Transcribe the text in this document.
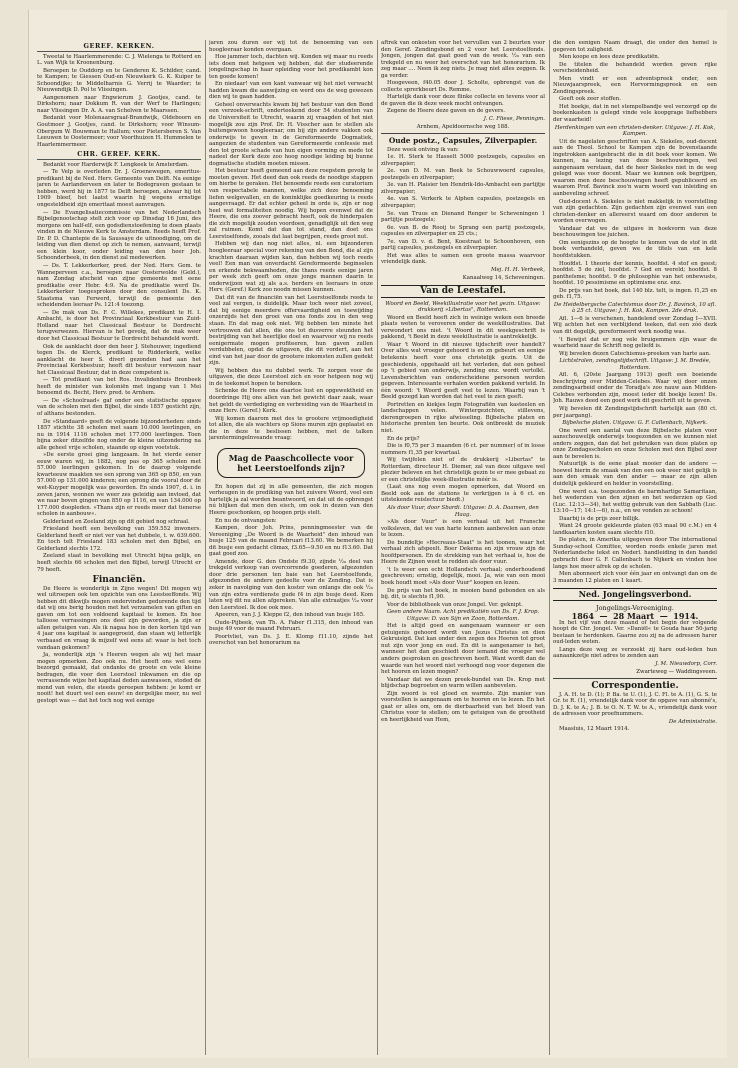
GEREF. KERKEN.

Tweetal te Haarlemmerende: C. J. Wielenga te Rotterd en L. van Wijk te Kroonenburg.

Beroepen te Ouddorp en te Genderen K. Schilder, cand. te Kampen; te Giessen Oud-en Nieuwkerk G. K. Kuiper te Schoondijke; te Middelharnis G. Verrij te Waarder; te Nieuwendijk D. Pol te Vlissingen.

Aangenomen naar Engwierum J. Gootjes, cand. te Dirkshorn; naar Dokkum R. van der Werf te Harlingen; naar Vlissingen Dr. A. A. van Schelven te Maarssen.

Bedankt voor Molenaarsgraaf-Brandwijk, Oldeboorn en Goutmoer J. Gootjes, cand. te Dirkshorn; voor Winsum-Obergum W. Bouwman te Hallum; voor Pietersberen S. Van Leeuwen te Oostermeer; voor Voorthuizen H. Hummelen te Haarlemmermeer.

CHR. GEREF. KERK.

Bedankt voor Harderwijk F. Lengkeek te Amsterdam.

— Te Velp is overleden Dr. J. Groenewegen, emeritus-predikant bij de Ned. Herv. Gemeente van Delft. Na eenige jaren te Aarlanderveen en later te Bodegraven gestaan te hebben, werd hij in 1877 te Delft beroepen, alwaar hij tot 1909 bleef, het laatst waarin hij wegens ernstige ongesteldheid zijn emeritaat moest aanvragen.

— De Evangelisatiecommissie van het Nederlandsch Bijbelgenootschap stelt zich voor op Dinsdag 16 Juni, des morgens om half-elf, een godsdienstoefening te doen plaats vinden in de Nieuwe Kerk te Amsterdam. Reeds heeft Prof. Dr. P. D. Chantepie de la Saussaye de uitnoodiging, om de leiding van dien dienst op zich te nemen, aanvaard, terwijl een klein koor, onder leiding van den heer Joh. Schoonderbeek, in den dienst zal medewerken.

— Ds. T. Lekkerkerker, pred. der Ned. Herv. Gem. te Wanneperveen c.a., beroepen naar Oosterwolde (Geld.), nam Zondag afscheid van zijne gemeente met eene predikatie over Hebr. 4:9. Na de predikatie werd Ds. Lekkerkerker toegesproken door den consulent Ds. K. Staatsma van Ferwerd, terwijl de gemeente den scheidenden leeraar Ps. 121:4 toezong.

— De mak van Ds. F. C. Willekes, predikant te H. I. Ambacht, is door het Provinciaal Kerkbestuur van Zuid-Holland naar het Classicaal Bestuur te Dordrecht terugverwezen. Hiervan is het gevolg, dat de mak weer door het Classicaal Bestuur te Dordrecht behandeld wordt.

Ook de aanklacht door den heer J. Stehouwer, ingediend tegen Ds. de Klerck, predikant te Ridderkerk, welke aanklacht de heer S. diverl gezonden had aan het Provinciaal Kerkbestuur, heeft dit bestuur verwezen naar het Classicaal Bestuur, dat in deze competent is.

— Tot predikant van het Ros. Invalidenhuis Bronbeek heeft de minister van koloniën met ingang van 1 Mei benoemd ds. Becht, Herv. pred. te Arnhem.

— De »Schoolraad« gaf onder een statistische opgave van de scholen met den Bijbel, die sinds 1857 gesticht zijn, of althans bestonden.

De »Standaard« geeft de volgende bijzonderheden: sinds 1857 stichtte 38 scholen met saam 10.000 leerlingen, en nu in 1914 1116 scholen met 177.000 leerlingen. Toen bijna zeker ditzelfde nog onder de kleine uitzondering na alle geheel vrije scholen, staande op eigen voetstuk.

»De eerste groei ging langzaam. In het vierde eener eeuw waren wij, in 1882, nog pas op 365 scholen met 57.000 leerlingen gekomen. In de daarop volgende kwarteeuw maakten we een sprong van 365 op 850, en van 57.000 op 131.000 kinderen; een sprong die vooral door de wet-Kuyper mogelijk was geworden. En sinds 1907, d. i. in zeven jaren, wonnen we weer zes geleidig aan invloed, dat we naar boven gingen van 850 op 1116, en van 134.000 op 177.000 doopleden. »Thans zijn er reeds meer dat tienerse scholen in aanbouw«.

Gelderland en Zeeland zijn op dit gebied nog schraal.

Friesland heeft een bevolking van 359.552 inwoners. Gelderland heeft er niet ver van het dubbele, t. w. 639.600. En toch telt Friesland 183 scholen met den Bijbel, en Gelderland slechts 172.

Zeeland staat in bevolking met Utrecht bijna gelijk, en heeft slechts 66 scholen met den Bijbel, terwijl Utrecht er 79 heeft.

Financiën.

De Heere is wonderlijk in Zijne wegen! Dit mogen wij wel uitroepen ook ten opzichte van ons Leesteeffonds. Wij hebben dit dikwijls mogen ondervinden gedurende den tijd dat wij ons berig houden met het verzamelen van giften en gaven om tot een voldoend kapitaal te komen. En hoe talloose verrassingen ons deel zijn geworden, ja zijn er allen getuigen van. Als ik nagaa hoe in den korten tijd van 4 jaar ons kapitaal is aangegroeid, dan staan wij letterlijk verbaasd en vraag ik mijzelf wel eens af: waar is het toch vandaan gekomen?

Ja, wonderlijk zijn 's Heeren wegen als wij het maar mogen opmerken. Zoo ook nu. Het heeft ons wel eens bezorgd gemaakt, dat ondanks de groote en vele kleine bedragen, die voor den Leerstoel inkwamen en die op verrassende wijze het kapitaal deden aanwassen, stoded de mond van velen, die steeds gereepen hebben: je komt er nooit! het duurt wel een eeuw! en dergelijke meer, nu wel gestopt was — dat het toch nog wel eenige

jaren zou duren eer wij tot de benoeming van een hoogleeraar konden overgaan.

Hoe jammer toch, dachten wij. Konden wij maar nu reeds iets doen met hetgeen wij hebben, dat der studeerende jongelingschap in haar opleiding voor het predikambt kon ten goede komen!

En niedaar! van een kant vanwaar wij het niet verwacht hadden kwam die aanwijzing en werd ons de weg gewezen dien wij te gaan hadden.

Geheel onverwachts kwam bij het bestuur van den Bond een verzoek-schrift, onderteekend door 54 studenten van de Universiteit te Utrecht, waarin zij vraagden of het niet mogelijk zou zijn Prof. Dr. H. Visscher aan te stellen als buitengewoon hoogleeraar, om bij zijn andere vakken ook onderwijs te geven in de Gereformeerde Dogmatiek, aangezien de studenten van Gereformeerde confessie met den tot groote schade van hun eigen vorming en mede tot nadeel der Kerk deze zoo hoog noodige leiding bij bunne dogmatische studiën moeten missen.

Het bestuur heeft gemeend aan deze roepstem gevolg te moeten geven. Het deed dan ook reeds de noodige stappen om hierbe te geraken. Het benoemde reeds een curatorium van respectabele mannen, welke zich deze benoeming liefen welgevallen, en de koninklijke goedkeuring is reeds aangevraagd. Er dat echter geheel in orde is, zijn er nog heel wat formaliteiten noodig. Wij hopen evenwel dat de Heere, die ons zoover gebracht heeft, ook de hinderpalen die zich mogelijk zouden voordoen, genadiglijk uit den weg zal ruimen. Komt dat dan tot stand, dan doet ons Leerstoelfonds, zooals dat laat begrijpen, reeds groot nut.

Hebben wij dan nog niet alles, nl. een bijzonderen hoogleeraar special voor rekening van den Bond, die al zijn krachten daaraan wijden kan, dan hebben wij toch reeds veel! Een man van onverdacht Gereformeerde beginselen en erkende bekwaamheden, die thans reeds eenige jaren per week zich geeft om onze jonge mannen daarin te onderwijzen wat zij als a.s. herders en leeraars in onze Herv. (Geref.) Kerk zoo noodn missen kunnen.

Dat dit van de financiën van het Leerstoelfonds reeds te veel zal vergen, is duidelijk. Maar toch weer niet zoveel, dat bij eenige meerdere offervaardigheid en toewijding onzerzijds het den groei van ons fonds zou in den weg staan. En dat mag ook niet. Wij hebben ten minste het vertrouwen dat allen, die ons tot dusverre steunden het bestrijding van het heerlijke doel en waarvoor wij nu reeds eenigermate mogen profiteeren, hun gaven zullen verdubbelen, opdat de uitgaven, die dit vordert, aan het eind van het jaar door de grootere inkomsten zullen gedekt zijn.

Wij hebben dus nu dubbel werk. Te zorgen voor de uitgaven, die deze Leerstoel zich en voor hetgeen nog wij in de toekomst hopen te bereiken.

Schenke de Heere ons daartoe lust en opgewektheid en doordringe Hij ons allen van het gewicht daar zaak, waar het geldt de verdediging en verbreiding van de Waarheid in onze Herv. (Geref.) Kerk.

Wij komen daarom met des te grootere vrijmoedigheid tot allen, die als wachters op Sions muren zijn geplaatst en die in deze te beslissen hebben, met de talken jarentermingelnveande vraag:

Mag de Paaschcollecte voor het Leerstoelfonds zijn?

En hopen dat zij in alle gemeenten, die zich mogen verheugen in de prediking van het zuivere Woord, veel een hartelijk ja zal worden beantwoord, en dat uit de opbrengst nú blijken dat men den eisch, om ook in dezen van den Heere geschonken, op hoogen prijs stelt.

En nu de ontvangsten:

Kampen, door Joh. Prins, penningmeester van de Vereeniging „De Woord is de Waarheid" den inhoud van busje 125 van de maand Februari f13.60. We bemerken hij dit busje een gedacht climax, f3.65—9.50 en nu f13.60. Dat gaat goed zoo.

Amende, door G. den Ondste f9.30, zijnde ½₀ deel van trekgeld verkoop van overcorrende goederen, afgezonden door drie personen ten baie van het Leerstoelfonds, afgezonden de andere gedeelte voor de Zending. Dat is zeker in navolging van den koster van onlangs die ook ½₀ van zijn extra verdienste gude f4 in zijn busje deed. Kom laten wij dit nu allen afgereken. Van alle extraatjes ½₀ voor den Leerstoel. Ik doe ook mee.

Apeeren, van J. J. Kleppe f2, den inhoud van busje 165.

Oude-Pijbeek, van Th. A. Faber f1.315, den inhoud van busje 49 voor de maand Februari.

Poortvliet, van Ds. J. E. Klomp f11.10, zijnde het overschot van het honorarium na

aftrek van onkosten voor het vervullen van 2 beurten voor den Geref. Zendingsbond en 2 voor het Leerstoelfonds. Jongen, jongen dat gaat goed van de week. ½₀ van een trekgeld en nu weer het overschot van het honorarium. Ik zeg maar .... Neen ik zeg niets. Je mag niet alles zeggen. Ik ga verder.

Hoogeveen, f40.05 door J. Scholte, opbrengst van de collecte sprerkbeurt Ds. Remme.

Hartelijk dank voor deze flinke collecte en tevens voor al de gaven die ik deze week mocht ontvangen.

Zegene de Heere deze gaven en de gevers.

J. C. Fliese, Penningm.

Arnhem, Apeldoornsche weg 188.

Oude postz., Capsules, Zilverpapier.

Deze week ontving ik van:

1e. H. Sterk te Hasselt 5000 postzegels, capsules en zilverpapier;

2e. van D. M. van Beek te Schouwwoerd capsules, postzegels en zilverpapier;

3e. van H. Plaisier ten Hendrik-Ido-Ambacht een partijtje zilverpapier;

4e. van S. Verkerk te Alphen capsules, postzegels en zilverpapier;

5e. van Truus en Dienand Renger te Scheveningen 1 partijtje postzegels;

6e. van B. de Rooij te Sprang een partij postzegels, capsules en zilverpapier en 25 cts.;

7e. van D. v. d. Bent, Koestraat te Schoonhoven, een partij capsules, postzegels en zilverpapier.

Het was alles te samen een groote massa waarvoor vriendelijk dank.

Mej. H. H. Verbeek,

Kanaalweg 14, Scheveningen.

Van de Leestafel.

Woord en Beeld, Weekillustratie voor het gezin. Uitgave: drukkerij »Libertas", Rotterdam.

Woord en Beeld heeft zich in weinige weken een breede plaats weten te veroveren onder de weekillustraties. Dat verwondert ons niet. 't Woord in dit weekgeschrift is pakkend, 't Beeld in deze weekillustratie is aantrekkelijk.

Waar 't Woord in dit nieuwe tijdschrift over handelt? Over alles wat vroeger gehoord is en zn gebeurt en eenige betekenis heeft voor ons christelijk gezin. Uit de geschiedenis, opgehaald uit het verleden, dat een geheel op 't gebied van onderwijs, zending enz. wordt vertolkt. Levensberichten van onderscheidene personen worden gegeven. Interessante verhalen worden pakkend verteld. In één woord: 't Woord geeft veel te lezen. Waarbij van 't Beeld gezegd kan worden dat het veel te zien geeft.

Portretten en kiekjes legin Fotografiën van kasteelen en landschappen velen. Wintergezichten, stillevens, dierengroepen in rijke afwisseling. Bijbelsche platen en historische prenten ten beurte. Ook ontbreekt de muziek niet.

En de prijs?

Die is f0,75 per 3 maanden (6 ct. per nummer) of in losse nummers f1,35 per kwartaal.

Wij twijfelen niet of de drukkerij »Libertas" te Rotterdam, directeur H. Diemer, zal van deze uitgave wel plezier beleven en het christelijk gezin te er mee gebaat zu er een christelijke week-illustratie méér is.

(Laat ons nog even mogen opmerken, dat Woord en Beeld ook aan de stations te verkrijgen is à 6 ct. en uitstekende reislectuur biedt.)

Als door Vuur, door Sbardi. Uitgave: D. A. Daamen, den Haag.

»Als door Vuur" is een verhaal uit het Fransche volksleven, dat we van harte kunnen aanbevelen aan onze te lezen.

De bundeltje »Hecreaus-Staat" is het toonen, waar het verhaal zich afspeelt. Boer Dekema en zijn vrouw zijn de hoofdpersonen. En de strekking van het verhaal is, hoe de Heere de Zijnen weet te redden als door vuur.

't Is weer een echt Hollandsch verhaal; onderhoudend geschreven; ernstig, degelijk, mooi. Ja, wie van een mooi boek houdt moet »Als door Vuur" koopen en lezen.

De prijs van het boek, in mooien band gebonden en als bij. dit, is slechts f1,90.

Voor de bibliotheek van onze Jongel. Ver. geknipt.

Geen andere Naam. Acht predikatiën van Ds. F. J. Krop. Uitgave: D. van Sijn en Zoon, Rotterdam.

Het is altijd goed en aangenaam wanneer er een getuigenis gehoord wordt van Jezus Christus en dien Gekruisigd. Dat kan onder den zegen des Heeren tot groot nut zijn voor jong en oud. En dit is aangenamer is het, wanneer het dan geschiedt door iemand die vroeger wel anders gesproken en geschreven heeft. Want wordt dan de waarde van het woord niet verhoogd nog voor degenen die het hooren en lezen mogen?

Vandaar dat we dezen preek-bundel van Ds. Krop met blijdschap begroeten en warm willen aanbevelen.

Zijn woord is vol gloed en warmte. Zijn manier van voorstellen is aangenaam om te hooren en te lezen. En het gaat er alles om, om de dierbaarheid van het bloed van Christus voor te stellen; om te getuigen van de grootheid en heerlijkheid van Hem,

die den eenigen Naam draagt, die onder den hemel is gegeven tot zaligheid.

Men koope en lees deze predikatiën.

De titelen die behandeld worden geven rijke verscheidenheid.

Men vindt er een adventspreek onder, een Nieuwjaarspreek, een Hervormingspreek en een Zendingspreek.

Geeft ook zeer stoffen.

Het boekje, dat in net stempelbandje wel verzorgd op de boekenkasten is gelegd vinde vele koopgrage liefhebbers der waarheid!

Herdenkingen van een christen-denker. Uitgave: J. H. Kok, Kampen.

Uit de nagelaten geschriften van A. Siekeles, oud-docent aan de Theol. School te Kampen zijn de bovenstaande ingetrokken aantgebracht die in dit boek voor komen. We kunnen, na lezing van deze beschouwingen, wel aangenaam verstaan, dat de heer Siekeles niet in de weg gelegd was voor docent. Maar we kunnen ook begrijpen, waarom men deze beschouwingen heeft gepubliceerd en waarom Prof. Bavinck zoo'n warm woord van inleiding en aanbeveling schreef.

Oud-docent A. Siekeles is niet makkelijk in voorstelling van zijn gedachten. Zijn gedachten zijn evenwel van een christen-denker en allereerst waard om door anderen te worden overwogen.

Vandaar dat we de uitgave in hoekvorm van deze beschouwingen toe juichen.

Om eenigszins op de hoogte te komen van de stof in dit boek verhandeld, geven we de titels van en kele hoofdstukken.

Hoofdst. 1 theorie der kennis, hoofdst. 4 stof en geest; hoofdst. 5 de ziel, hoofdst. 7 God en wereld; hoofdst. 8 pantheïsme; hoofdst. 9 de philosophie van het onbewuste, hoofdst. 10 pessimisme en optimisme enz. enz.

De prijs van het boek, dat 140 blz. telt, is ingen. f1,25 en geb. f1,75.

De Heidelbergsche Catechismus door Dr. J. Bavinck, 10 afl. à 25 ct. Uitgave: J. H. Kok, Kampen. 2de druk.

Afl. 1—6 is verschenen, handelend over Zondag I—XVII. Wij achten het een verblijdend teeken, dat een zóó dezk van dit degelijk, gereformeerd werk noodig was.

't Bewijst dat er nog vele bruigemmen zijn waar de waarheid naar de Schrift nog geliefd is.

Wij bevelen dezen Catechismus-preeken van harte aan.

Lichtstralen, zendingstijdschrift. Uitgave: J. M. Bredée, Rotterdam.

Afl. 6, (20ste Jaargang 1913) geeft een boeiende beschrijving over Midden-Celebes. Waar wij door onzen zendingsarbeid onder de Toradja's zoo nauw aan Midden-Celebes verbonden zijn, moest ieder dit boekje lezen! Ds. Joh. Rauws deed een goed werk dit geschrift uit te geven.

Wij bevelen dit Zendingstijdschrift hartelijk aan (80 ct. per jaargang).

Bijbelsche platen. Uitgave: G. F. Callenbach, Nijkerk.

One werd een aantal van deze Bijbelsche platen voor aanschouwelijk onderwijs toegezonden en we kunnen niet anders zeggen, dan dat het gebruiken van deze platen op onze Zondagsscholen en onze Scholen met den Bijbel zeer aan te bevelen is.

Natuurlijk is de eene plaat mooier dan de andere — hoewel hierin de smaak van den een ook weer niet gelijk is aan den smaak van den ander — maar ze zijn allen duidelijk gekleurd en helder in voorstelling.

One werd o.a. toegezonden de barmhartige Samaritaan, het wederzien van den zijnen en het wederzien op God (Luc. 12:13—34), het wettig gebruik van den Sabbath (Luc. 13:10—17; 14:1—6), n.a., en we vonden ze schoon!

Daarbij is de prijs zeer billijk.

Want 24 groote gekleurde platen (63 maal 90 c.M.) en 4 landkaarten kosten saam slechts f10.

De platen, in Amerika uitgegeven door The international Sunday-school Comittee, worden reeds enkele jaren met Nederlandsche tekst en Nederl. handleiding in den handel gebracht door G. F. Callenbach te Nijkerk en vinden hoe langs hoe meer afrek op de scholen.

Men abonneert zich voor één jaar en ontvangt dan om de 3 maanden 12 platen en 1 kaart.

Ned. Jongelingsverbond.
Jongelings-Vereeniging.
1864  —  28 Maart  —  1914.

In het vijf van deze maand of het begin der volgende hoopt de Chr. Jongel. Ver. »Daniël« te Gouda haar 50-jarig bestaan te herdenken. Gaarne zou zij na de adressen harer oud-leden weten.

Langs deze weg ze verzoekt zij hare oud-leden hun aanaankzetje niet adres te zenden aan

J. M. Nieuwdorp, Corr.

Zwarteweg — Waddingsveen.

Correspondentie.

J. A. H. te D. (1); P. Ba. te U. (1), J. C. Fl. te A. (1), G. S. te Gr. te R. (1), vriendelijk dank voor de opgave van abonné's, D. J. K. te A.; J. B. te O. N. T. W. te A., vriendelijk dank voor de adressen voor proefnummers.

De Administratie.

Maasluis, 12 Maart 1914.
